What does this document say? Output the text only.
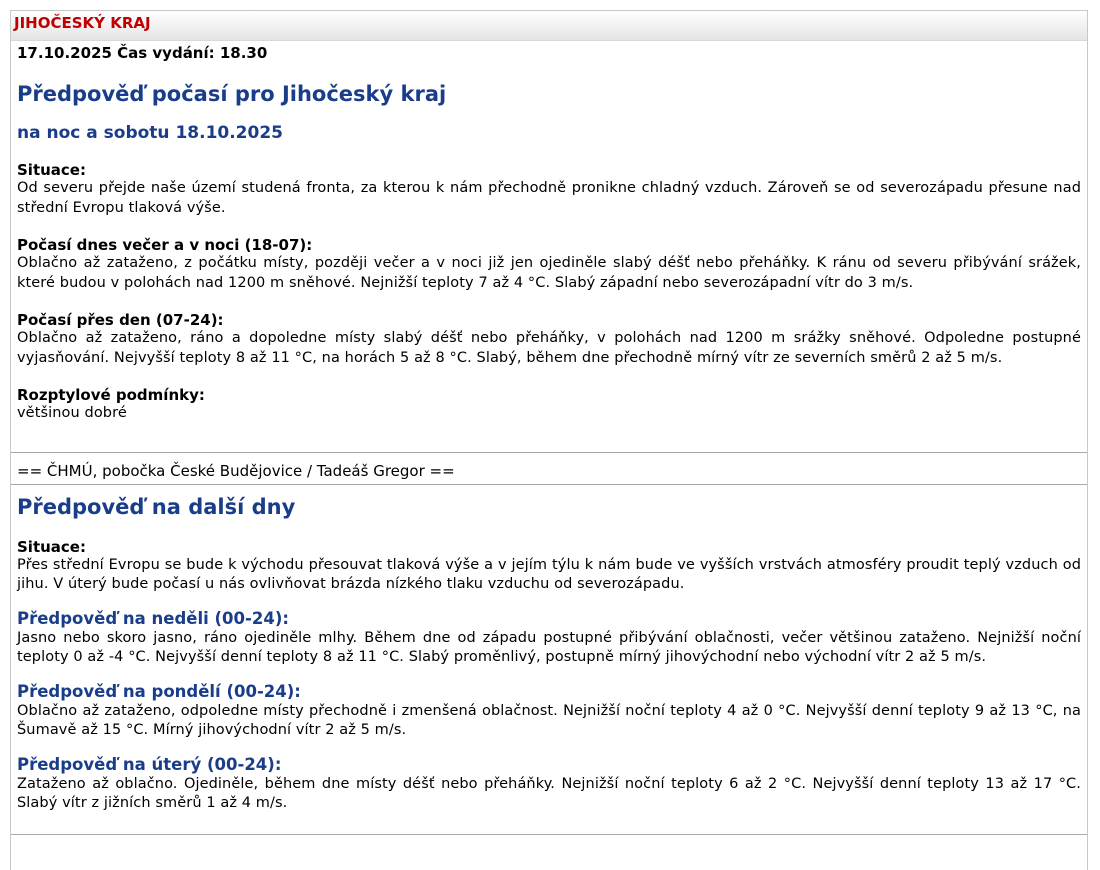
JIHOČESKÝ KRAJ
17.10.2025 Čas vydání: 18.30
Předpověď počasí pro Jihočeský kraj
na noc a sobotu 18.10.2025

Situace:

Od severu přejde naše území studená fronta, za kterou k nám přechodně pronikne chladný vzduch. Zároveň se od severozápadu přesune nad střední Evropu tlaková výše.

Počasí dnes večer a v noci (18-07):

Oblačno až zataženo, z počátku místy, později večer a v noci již jen ojediněle slabý déšť nebo přeháňky. K ránu od severu přibývání srážek, které budou v polohách nad 1200 m sněhové. Nejnižší teploty 7 až 4 °C. Slabý západní nebo severozápadní vítr do 3 m/s.

Počasí přes den (07-24):

Oblačno až zataženo, ráno a dopoledne místy slabý déšť nebo přeháňky, v polohách nad 1200 m srážky sněhové. Odpoledne postupné vyjasňování. Nejvyšší teploty 8 až 11 °C, na horách 5 až 8 °C. Slabý, během dne přechodně mírný vítr ze severních směrů 2 až 5 m/s.

Rozptylové podmínky:

většinou dobré

== ČHMÚ, pobočka České Budějovice / Tadeáš Gregor ==
Předpověď na další dny

Situace:

Přes střední Evropu se bude k východu přesouvat tlaková výše a v jejím týlu k nám bude ve vyšších vrstvách atmosféry proudit teplý vzduch od jihu. V úterý bude počasí u nás ovlivňovat brázda nízkého tlaku vzduchu od severozápadu.

Předpověď na neděli (00-24):

Jasno nebo skoro jasno, ráno ojediněle mlhy. Během dne od západu postupné přibývání oblačnosti, večer většinou zataženo. Nejnižší noční teploty 0 až -4 °C. Nejvyšší denní teploty 8 až 11 °C. Slabý proměnlivý, postupně mírný jihovýchodní nebo východní vítr 2 až 5 m/s.

Předpověď na pondělí (00-24):

Oblačno až zataženo, odpoledne místy přechodně i zmenšená oblačnost. Nejnižší noční teploty 4 až 0 °C. Nejvyšší denní teploty 9 až 13 °C, na Šumavě až 15 °C. Mírný jihovýchodní vítr 2 až 5 m/s.

Předpověď na úterý (00-24):

Zataženo až oblačno. Ojediněle, během dne místy déšť nebo přeháňky. Nejnižší noční teploty 6 až 2 °C. Nejvyšší denní teploty 13 až 17 °C. Slabý vítr z jižních směrů 1 až 4 m/s.
